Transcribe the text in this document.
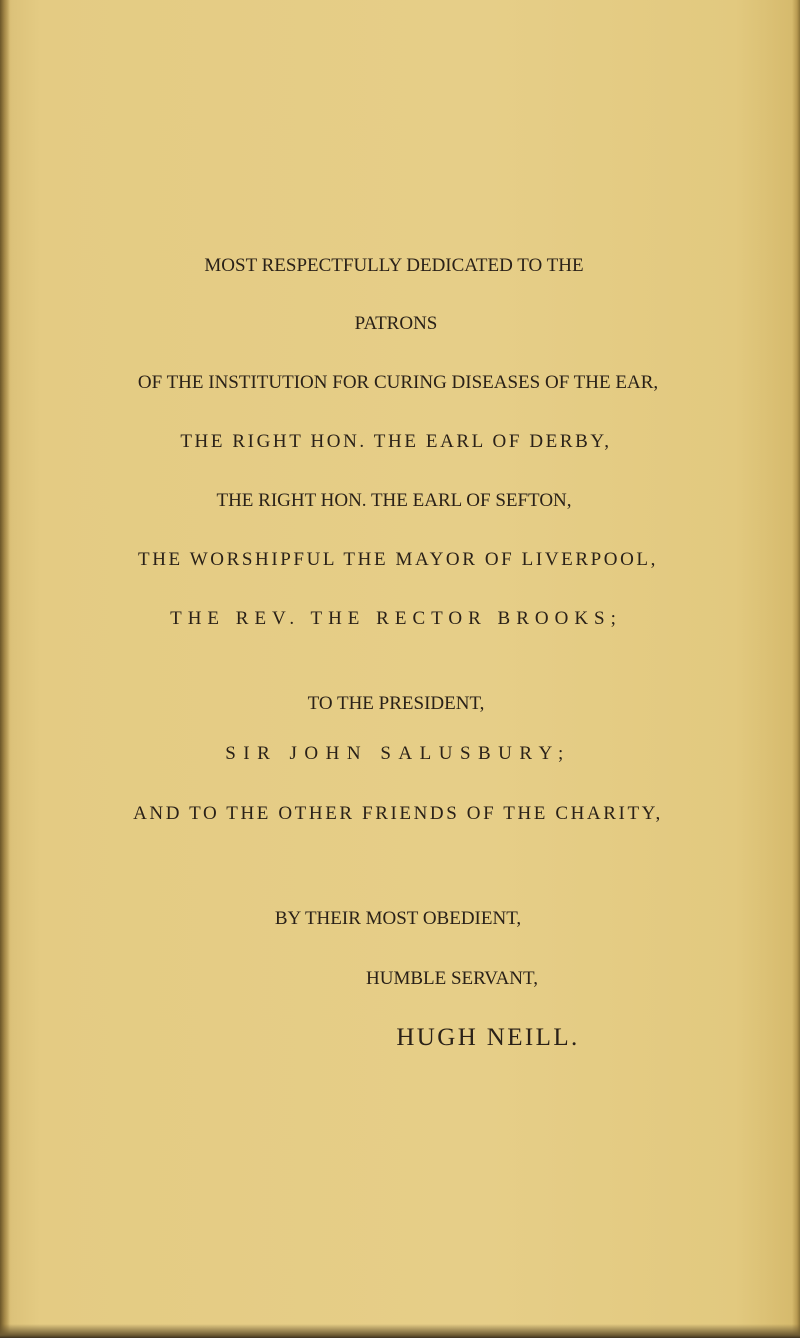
MOST RESPECTFULLY DEDICATED TO THE
PATRONS
OF THE INSTITUTION FOR CURING DISEASES OF THE EAR,
THE RIGHT HON. THE EARL OF DERBY,
THE RIGHT HON. THE EARL OF SEFTON,
THE WORSHIPFUL THE MAYOR OF LIVERPOOL,
THE REV. THE RECTOR BROOKS;
TO THE PRESIDENT,
SIR JOHN SALUSBURY;
AND TO THE OTHER FRIENDS OF THE CHARITY,
BY THEIR MOST OBEDIENT,
HUMBLE SERVANT,
HUGH NEILL.
